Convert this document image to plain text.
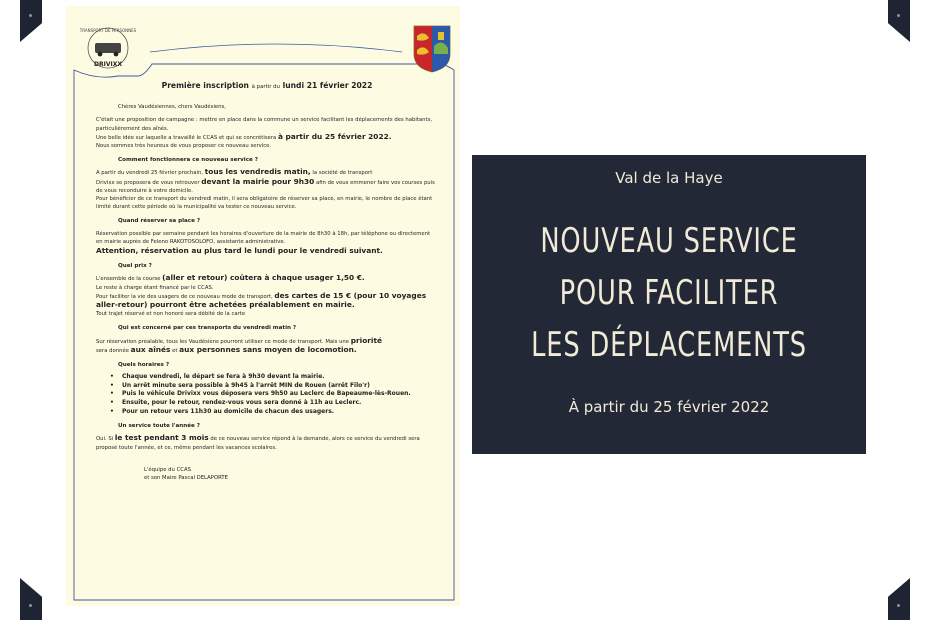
TRANSPORT DE PERSONNES
DRIVIXX
Première inscription à partir du lundi 21 février 2022
Chères Vaudésiennes, chers Vaudésiens,
C'était une proposition de campagne : mettre en place dans la commune un service facilitant les déplacements des habitants, particulièrement des aînés.
Une belle idée sur laquelle a travaillé le CCAS et qui se concrétisera à partir du 25 février 2022.
Nous sommes très heureux de vous proposer ce nouveau service.
Comment fonctionnera ce nouveau service ?
A partir du vendredi 25 février prochain, tous les vendredis matin, la société de transport
Drivixx se proposera de vous retrouver devant la mairie pour 9h30 afin de vous emmener faire vos courses puis de vous reconduire à votre domicile.
Pour bénéficier de ce transport du vendredi matin, il sera obligatoire de réserver sa place, en mairie, le nombre de place étant limité durant cette période où la municipalité va tester ce nouveau service.
Quand réserver sa place ?
Réservation possible par semaine pendant les horaires d'ouverture de la mairie de 8h30 à 18h, par téléphone ou directement en mairie auprès de Feleno RAKOTOSOLOFO, assistante administrative.
Attention, réservation au plus tard le lundi pour le vendredi suivant.
Quel prix ?
L'ensemble de la course (aller et retour) coûtera à chaque usager 1,50 €.
Le reste à charge étant financé par le CCAS.
Pour faciliter la vie des usagers de ce nouveau mode de transport, des cartes de 15 € (pour 10 voyages aller-retour) pourront être achetées préalablement en mairie.
Tout trajet réservé et non honoré sera débité de la carte
Qui est concerné par ces transports du vendredi matin ?
Sur réservation préalable, tous les Vaudésiens pourront utiliser ce mode de transport. Mais une priorité
sera donnée aux aînés et aux personnes sans moyen de locomotion.
Quels horaires ?
• Chaque vendredi, le départ se fera à 9h30 devant la mairie.
• Un arrêt minute sera possible à 9h45 à l'arrêt MIN de Rouen (arrêt Filo'r)
• Puis le véhicule Drivixx vous déposera vers 9h50 au Leclerc de Bapeaume-lès-Rouen.
• Ensuite, pour le retour, rendez-vous vous sera donné à 11h au Leclerc.
• Pour un retour vers 11h30 au domicile de chacun des usagers.
Un service toute l'année ?
Oui. Si le test pendant 3 mois de ce nouveau service répond à la demande, alors ce service du vendredi sera proposé toute l'année, et ce, même pendant les vacances scolaires.
L'équipe du CCAS
et son Maire Pascal DELAPORTE
Val de la Haye
NOUVEAU SERVICE
POUR FACILITER
LES DÉPLACEMENTS
À partir du 25 février 2022
